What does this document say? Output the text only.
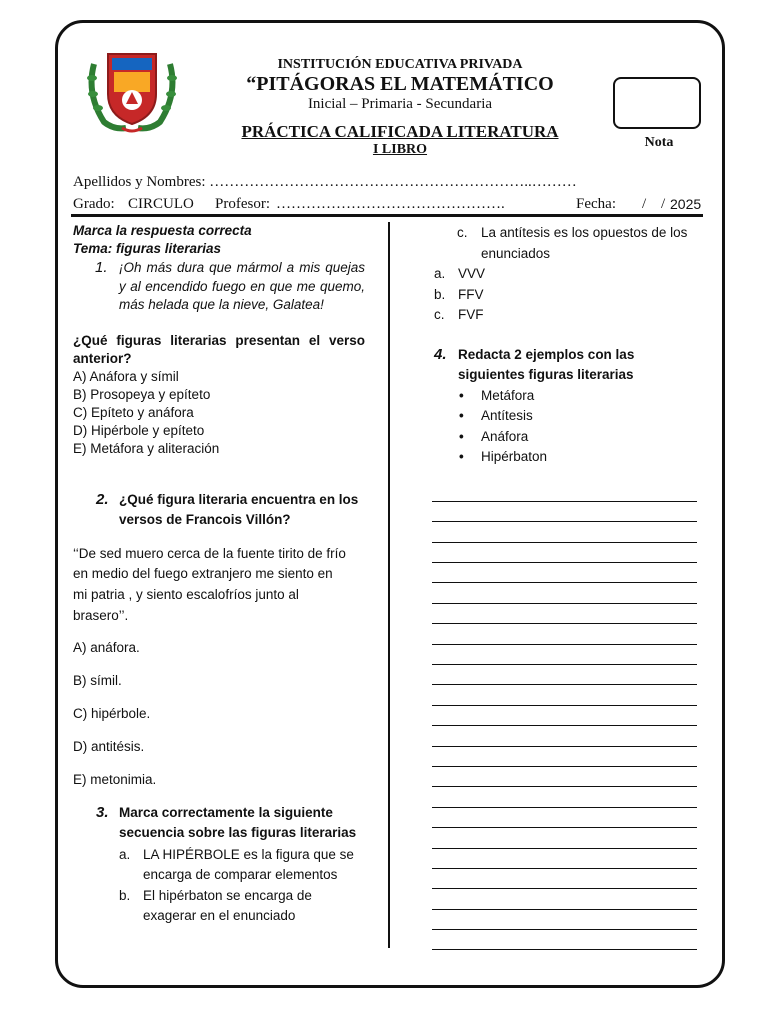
INSTITUCIÓN EDUCATIVA PRIVADA
“PITÁGORAS EL MATEMÁTICO
Inicial – Primaria - Secundaria
PRÁCTICA CALIFICADA LITERATURA
I LIBRO	Nota
Apellidos y Nombres: ………………………………………………………..………
Grado: CIRCULO Profesor: ……………………………………….	Fecha: / / 2025
Marca la respuesta correcta
Tema: figuras literarias
1. ¡Oh más dura que mármol a mis quejas y al encendido fuego en que me quemo, más helada que la nieve, Galatea!
¿Qué figuras literarias presentan el verso anterior?
A) Anáfora y símil
B) Prosopeya y epíteto
C) Epíteto y anáfora
D) Hipérbole y epíteto
E) Metáfora y aliteración
2. ¿Qué figura literaria encuentra en los versos de Francois Villón?
‘‘De sed muero cerca de la fuente tirito de frío
en medio del fuego extranjero me siento en
mi patria , y siento escalofríos junto al
brasero’’.
A) anáfora.
B) símil.
C) hipérbole.
D) antitésis.
E) metonimia.
3. Marca correctamente la siguiente secuencia sobre las figuras literarias
a. LA HIPÉRBOLE es la figura que se encarga de comparar elementos
b. El hipérbaton se encarga de exagerar en el enunciado
c. La antítesis es los opuestos de los enunciados
a. VVV
b. FFV
c. FVF
4. Redacta 2 ejemplos con las siguientes figuras literarias
• Metáfora
• Antítesis
• Anáfora
• Hipérbaton
